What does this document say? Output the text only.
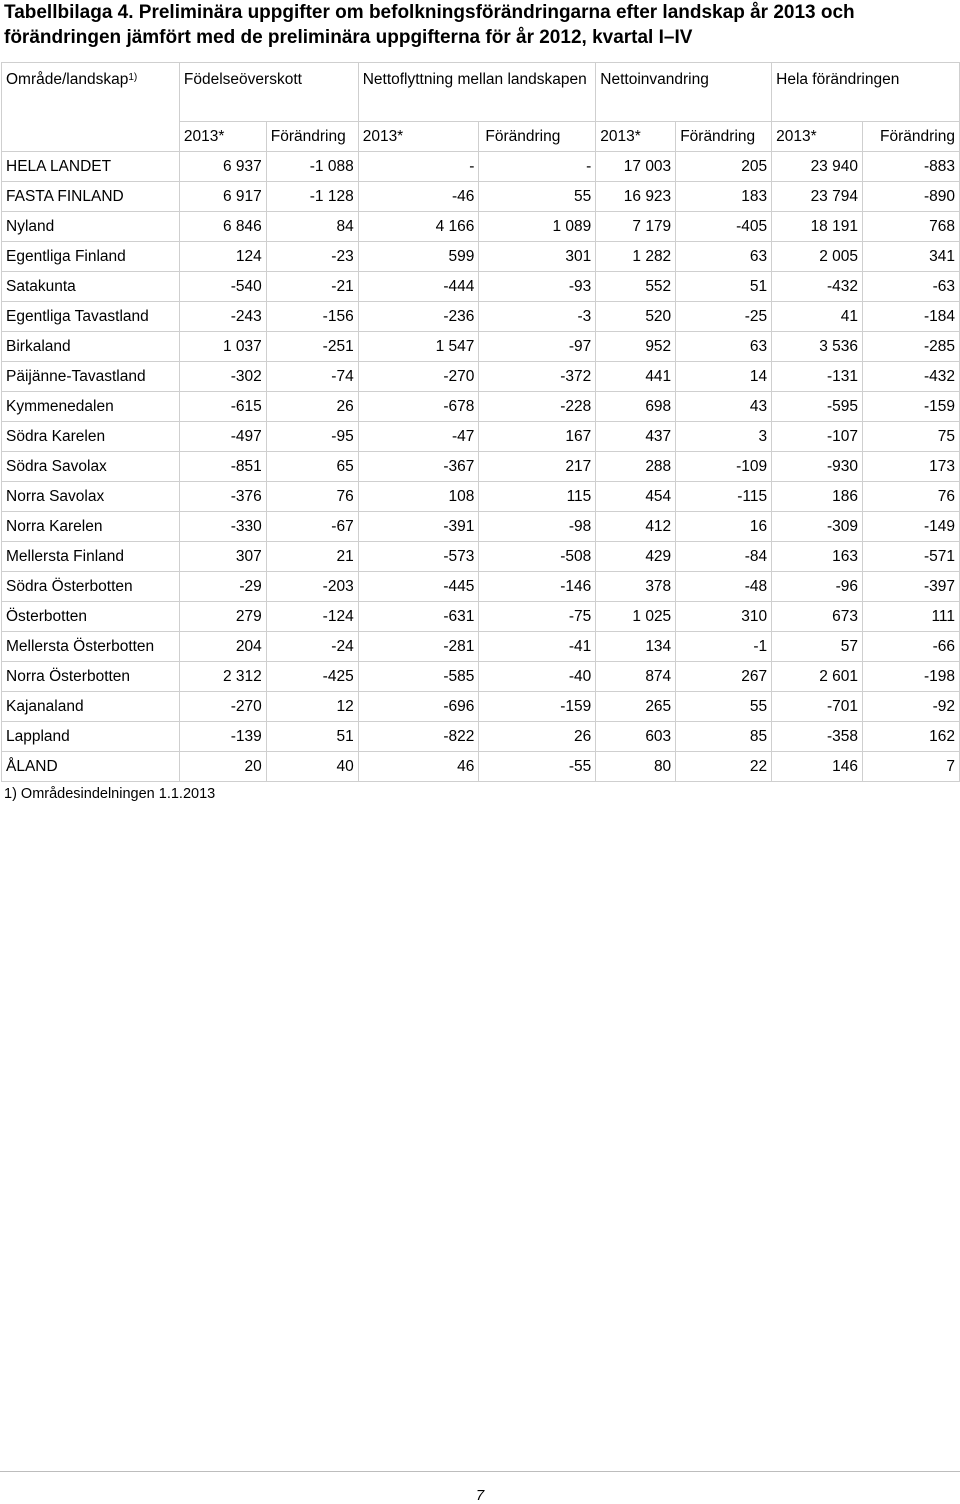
Tabellbilaga 4. Preliminära uppgifter om befolkningsförändringarna efter landskap år 2013 och förändringen jämfört med de preliminära uppgifterna för år 2012, kvartal I–IV
Område/landskap$^{1)}$	Födelseöverskott		Nettoflyttning mellan landskapen		Nettoinvandring		Hela förändringen	
	2013*	Förändring	2013*	Förändring	2013*	Förändring	2013*	Förändring
HELA LANDET	6 937	-1 088	-	-	17 003	205	23 940	-883
FASTA FINLAND	6 917	-1 128	-46	55	16 923	183	23 794	-890
Nyland	6 846	84	4 166	1 089	7 179	-405	18 191	768
Egentliga Finland	124	-23	599	301	1 282	63	2 005	341
Satakunta	-540	-21	-444	-93	552	51	-432	-63
Egentliga Tavastland	-243	-156	-236	-3	520	-25	41	-184
Birkaland	1 037	-251	1 547	-97	952	63	3 536	-285
Päijänne-Tavastland	-302	-74	-270	-372	441	14	-131	-432
Kymmenedalen	-615	26	-678	-228	698	43	-595	-159
Södra Karelen	-497	-95	-47	167	437	3	-107	75
Södra Savolax	-851	65	-367	217	288	-109	-930	173
Norra Savolax	-376	76	108	115	454	-115	186	76
Norra Karelen	-330	-67	-391	-98	412	16	-309	-149
Mellersta Finland	307	21	-573	-508	429	-84	163	-571
Södra Österbotten	-29	-203	-445	-146	378	-48	-96	-397
Österbotten	279	-124	-631	-75	1 025	310	673	111
Mellersta Österbotten	204	-24	-281	-41	134	-1	57	-66
Norra Österbotten	2 312	-425	-585	-40	874	267	2 601	-198
Kajanaland	-270	12	-696	-159	265	55	-701	-92
Lappland	-139	51	-822	26	603	85	-358	162
ÅLAND	20	40	46	-55	80	22	146	7
1) Områdesindelningen 1.1.2013
7
